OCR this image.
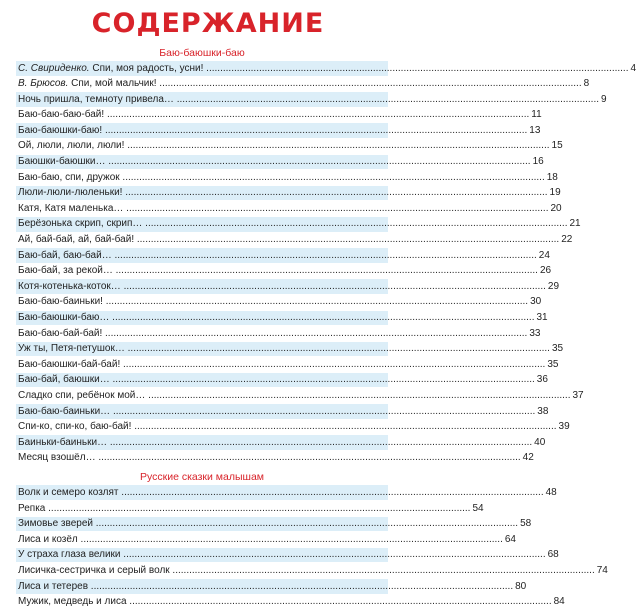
СОДЕРЖАНИЕ
Баю-баюшки-баю
С. Свириденко. Спи, моя радость, усни! ........................................................................................................................................................ 4
В. Брюсов. Спи, мой мальчик! ........................................................................................................................................................ 8
Ночь пришла, темноту привела… ........................................................................................................................................................ 9
Баю-баю-баю-бай! ........................................................................................................................................................ 11
Баю-баюшки-баю! ........................................................................................................................................................ 13
Ой, люли, люли, люли! ........................................................................................................................................................ 15
Баюшки-баюшки… ........................................................................................................................................................ 16
Баю-баю, спи, дружок ........................................................................................................................................................ 18
Люли-люли-люленьки! ........................................................................................................................................................ 19
Катя, Катя маленька… ........................................................................................................................................................ 20
Берёзонька скрип, скрип… ........................................................................................................................................................ 21
Ай, бай-бай, ай, бай-бай! ........................................................................................................................................................ 22
Баю-бай, баю-бай… ........................................................................................................................................................ 24
Баю-бай, за рекой… ........................................................................................................................................................ 26
Котя-котенька-коток… ........................................................................................................................................................ 29
Баю-баю-баиньки! ........................................................................................................................................................ 30
Баю-баюшки-баю… ........................................................................................................................................................ 31
Баю-баю-бай-бай! ........................................................................................................................................................ 33
Уж ты, Петя-петушок… ........................................................................................................................................................ 35
Баю-баюшки-бай-бай! ........................................................................................................................................................ 35
Баю-бай, баюшки… ........................................................................................................................................................ 36
Сладко спи, ребёнок мой… ........................................................................................................................................................ 37
Баю-баю-баиньки… ........................................................................................................................................................ 38
Спи-ко, спи-ко, баю-бай! ........................................................................................................................................................ 39
Баиньки-баиньки… ........................................................................................................................................................ 40
Месяц взошёл… ........................................................................................................................................................ 42
Русские сказки малышам
Волк и семеро козлят ........................................................................................................................................................ 48
Репка ........................................................................................................................................................ 54
Зимовье зверей ........................................................................................................................................................ 58
Лиса и козёл ........................................................................................................................................................ 64
У страха глаза велики ........................................................................................................................................................ 68
Лисичка-сестричка и серый волк ........................................................................................................................................................ 74
Лиса и тетерев ........................................................................................................................................................ 80
Мужик, медведь и лиса ........................................................................................................................................................ 84
